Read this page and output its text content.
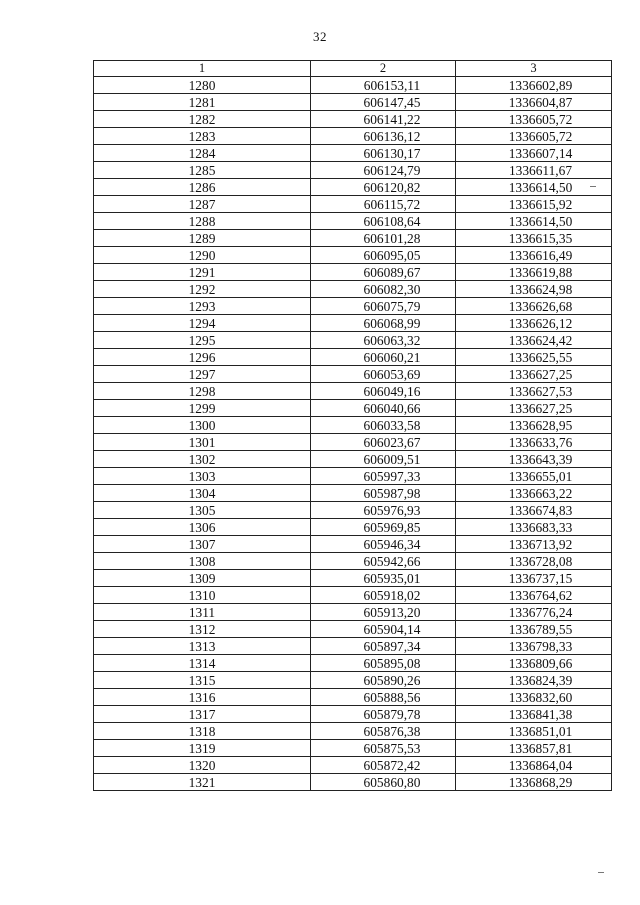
32
1	2	3
1280	606153,11	1336602,89
1281	606147,45	1336604,87
1282	606141,22	1336605,72
1283	606136,12	1336605,72
1284	606130,17	1336607,14
1285	606124,79	1336611,67
1286	606120,82	1336614,50
1287	606115,72	1336615,92
1288	606108,64	1336614,50
1289	606101,28	1336615,35
1290	606095,05	1336616,49
1291	606089,67	1336619,88
1292	606082,30	1336624,98
1293	606075,79	1336626,68
1294	606068,99	1336626,12
1295	606063,32	1336624,42
1296	606060,21	1336625,55
1297	606053,69	1336627,25
1298	606049,16	1336627,53
1299	606040,66	1336627,25
1300	606033,58	1336628,95
1301	606023,67	1336633,76
1302	606009,51	1336643,39
1303	605997,33	1336655,01
1304	605987,98	1336663,22
1305	605976,93	1336674,83
1306	605969,85	1336683,33
1307	605946,34	1336713,92
1308	605942,66	1336728,08
1309	605935,01	1336737,15
1310	605918,02	1336764,62
1311	605913,20	1336776,24
1312	605904,14	1336789,55
1313	605897,34	1336798,33
1314	605895,08	1336809,66
1315	605890,26	1336824,39
1316	605888,56	1336832,60
1317	605879,78	1336841,38
1318	605876,38	1336851,01
1319	605875,53	1336857,81
1320	605872,42	1336864,04
1321	605860,80	1336868,29
